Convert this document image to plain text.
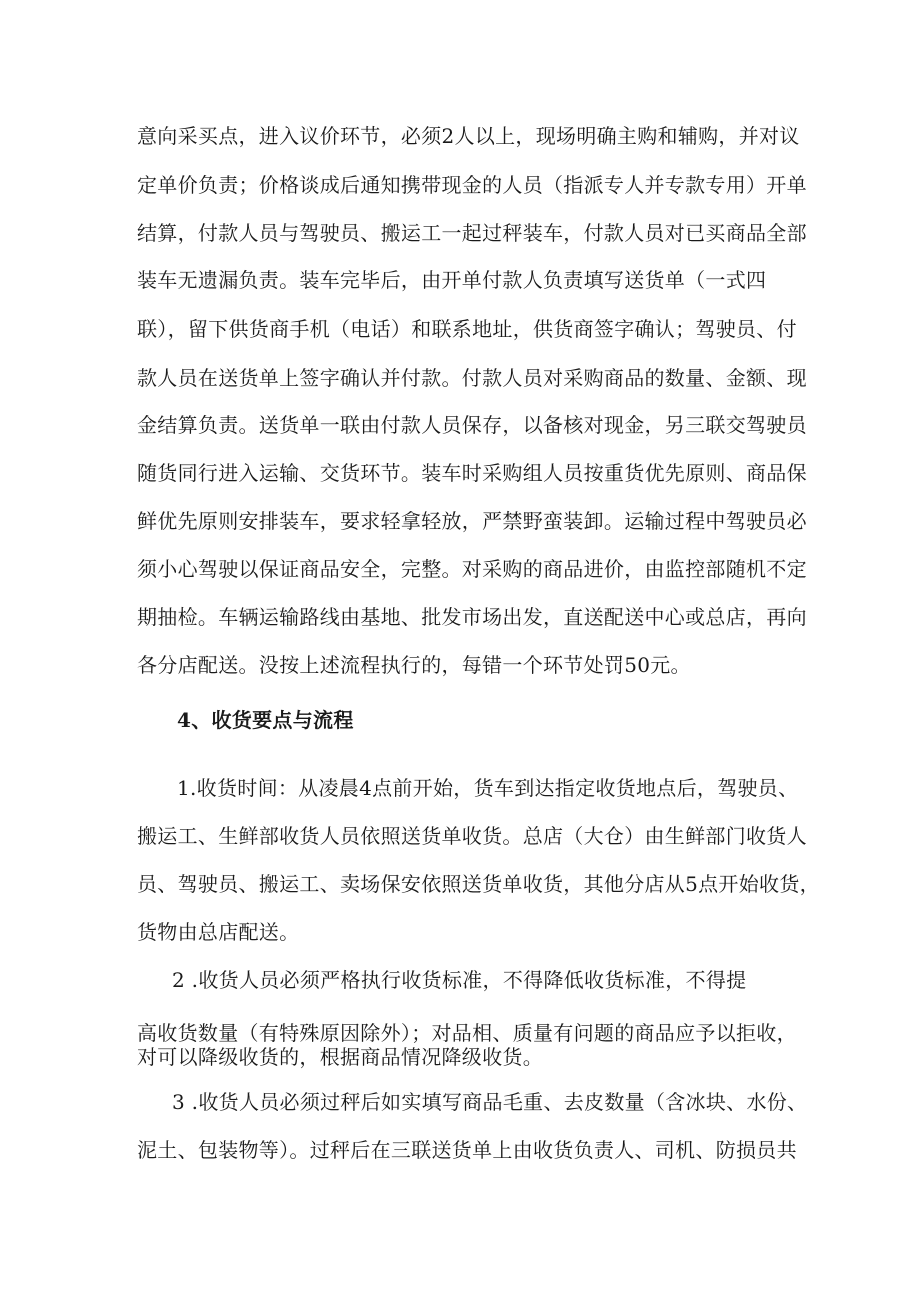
意向采买点，进入议价环节，必须2人以上，现场明确主购和辅购，并对议
定单价负责；价格谈成后通知携带现金的人员（指派专人并专款专用）开单
结算，付款人员与驾驶员、搬运工一起过秤装车，付款人员对已买商品全部
装车无遗漏负责。装车完毕后，由开单付款人负责填写送货单（一式四
联），留下供货商手机（电话）和联系地址，供货商签字确认；驾驶员、付
款人员在送货单上签字确认并付款。付款人员对采购商品的数量、金额、现
金结算负责。送货单一联由付款人员保存，以备核对现金，另三联交驾驶员
随货同行进入运输、交货环节。装车时采购组人员按重货优先原则、商品保
鲜优先原则安排装车，要求轻拿轻放，严禁野蛮装卸。运输过程中驾驶员必
须小心驾驶以保证商品安全，完整。对采购的商品进价，由监控部随机不定
期抽检。车辆运输路线由基地、批发市场出发，直送配送中心或总店，再向
各分店配送。没按上述流程执行的，每错一个环节处罚50元。
4、收货要点与流程
1.收货时间：从凌晨4点前开始，货车到达指定收货地点后，驾驶员、
搬运工、生鲜部收货人员依照送货单收货。总店（大仓）由生鲜部门收货人
员、驾驶员、搬运工、卖场保安依照送货单收货，其他分店从5点开始收货，
货物由总店配送。
2 .收货人员必须严格执行收货标准，不得降低收货标准，不得提
高收货数量（有特殊原因除外）；对品相、质量有问题的商品应予以拒收，
对可以降级收货的，根据商品情况降级收货。
3 .收货人员必须过秤后如实填写商品毛重、去皮数量（含冰块、水份、
泥土、包装物等）。过秤后在三联送货单上由收货负责人、司机、防损员共
